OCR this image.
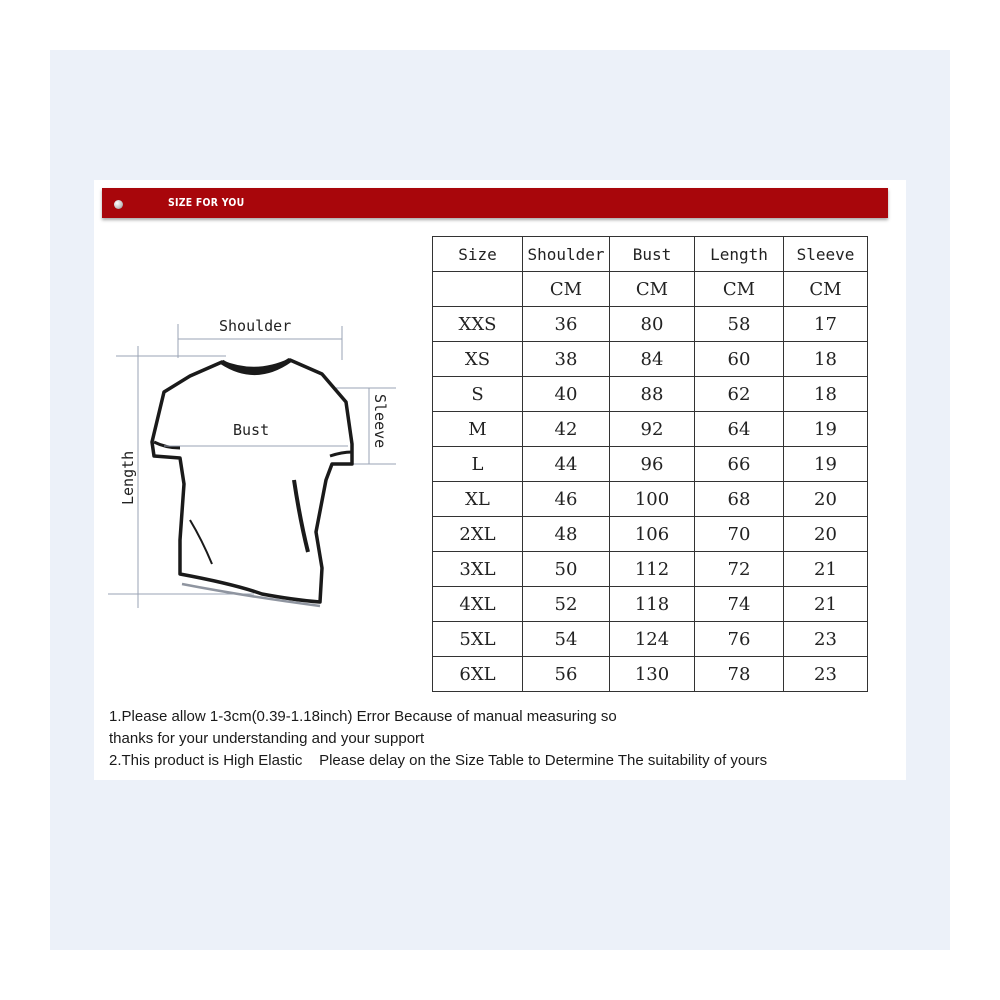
SIZE FOR YOU
Shoulder
Bust	Sleeve
Length
Size	Shoulder	Bust	Length	Sleeve
	CM	CM	CM	CM
XXS	36	80	58	17
XS	38	84	60	18
S	40	88	62	18
M	42	92	64	19
L	44	96	66	19
XL	46	100	68	20
2XL	48	106	70	20
3XL	50	112	72	21
4XL	52	118	74	21
5XL	54	124	76	23
6XL	56	130	78	23
1.Please allow 1-3cm(0.39-1.18inch) Error Because of manual measuring so
thanks for your understanding and your support
2.This product is High Elastic    Please delay on the Size Table to Determine The suitability of yours
